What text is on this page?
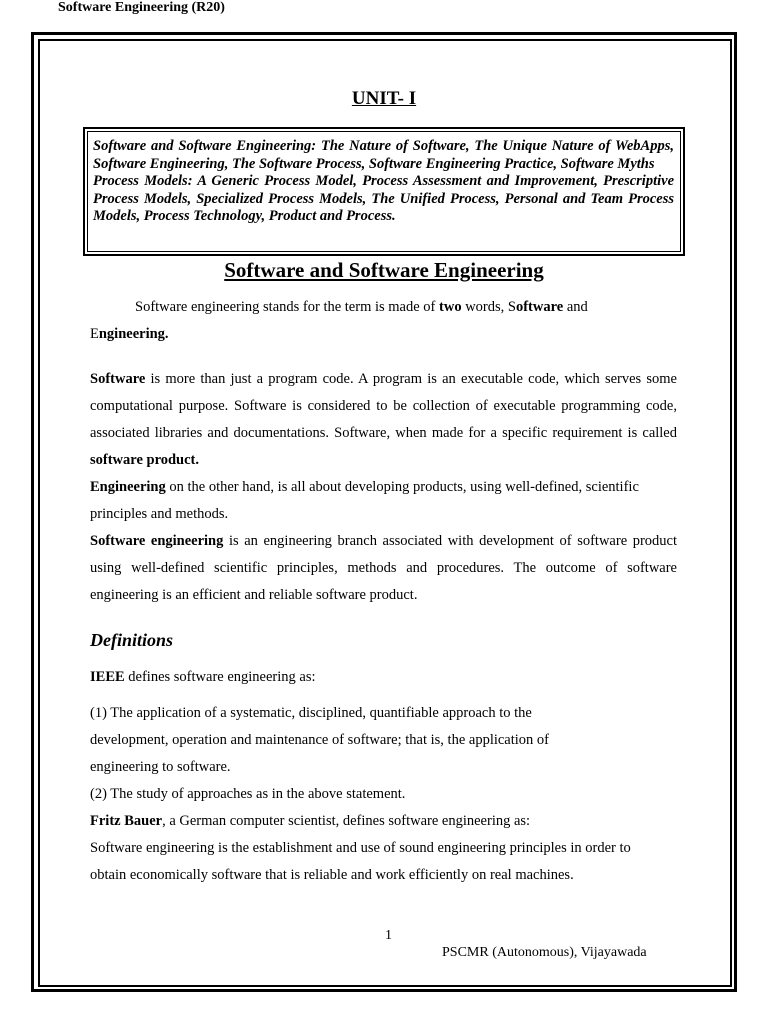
Software Engineering (R20)
UNIT- I

Software and Software Engineering: The Nature of Software, The Unique Nature of WebApps, Software Engineering, The Software Process, Software Engineering Practice, Software Myths

Process Models: A Generic Process Model, Process Assessment and Improvement, Prescriptive Process Models, Specialized Process Models, The Unified Process, Personal and Team Process Models, Process Technology, Product and Process.

Software and Software Engineering

Software engineering stands for the term is made of two words, Software and

Engineering.

Software is more than just a program code. A program is an executable code, which serves some computational purpose. Software is considered to be collection of executable programming code, associated libraries and documentations. Software, when made for a specific requirement is called software product.

Engineering on the other hand, is all about developing products, using well-defined, scientific principles and methods.

Software engineering is an engineering branch associated with development of software product using well-defined scientific principles, methods and procedures. The outcome of software engineering is an efficient and reliable software product.

Definitions

IEEE defines software engineering as:

(1) The application of a systematic, disciplined, quantifiable approach to the

development, operation and maintenance of software; that is, the application of

engineering to software.

(2) The study of approaches as in the above statement.

Fritz Bauer, a German computer scientist, defines software engineering as:

Software engineering is the establishment and use of sound engineering principles in order to

obtain economically software that is reliable and work efficiently on real machines.

1
PSCMR (Autonomous), Vijayawada
